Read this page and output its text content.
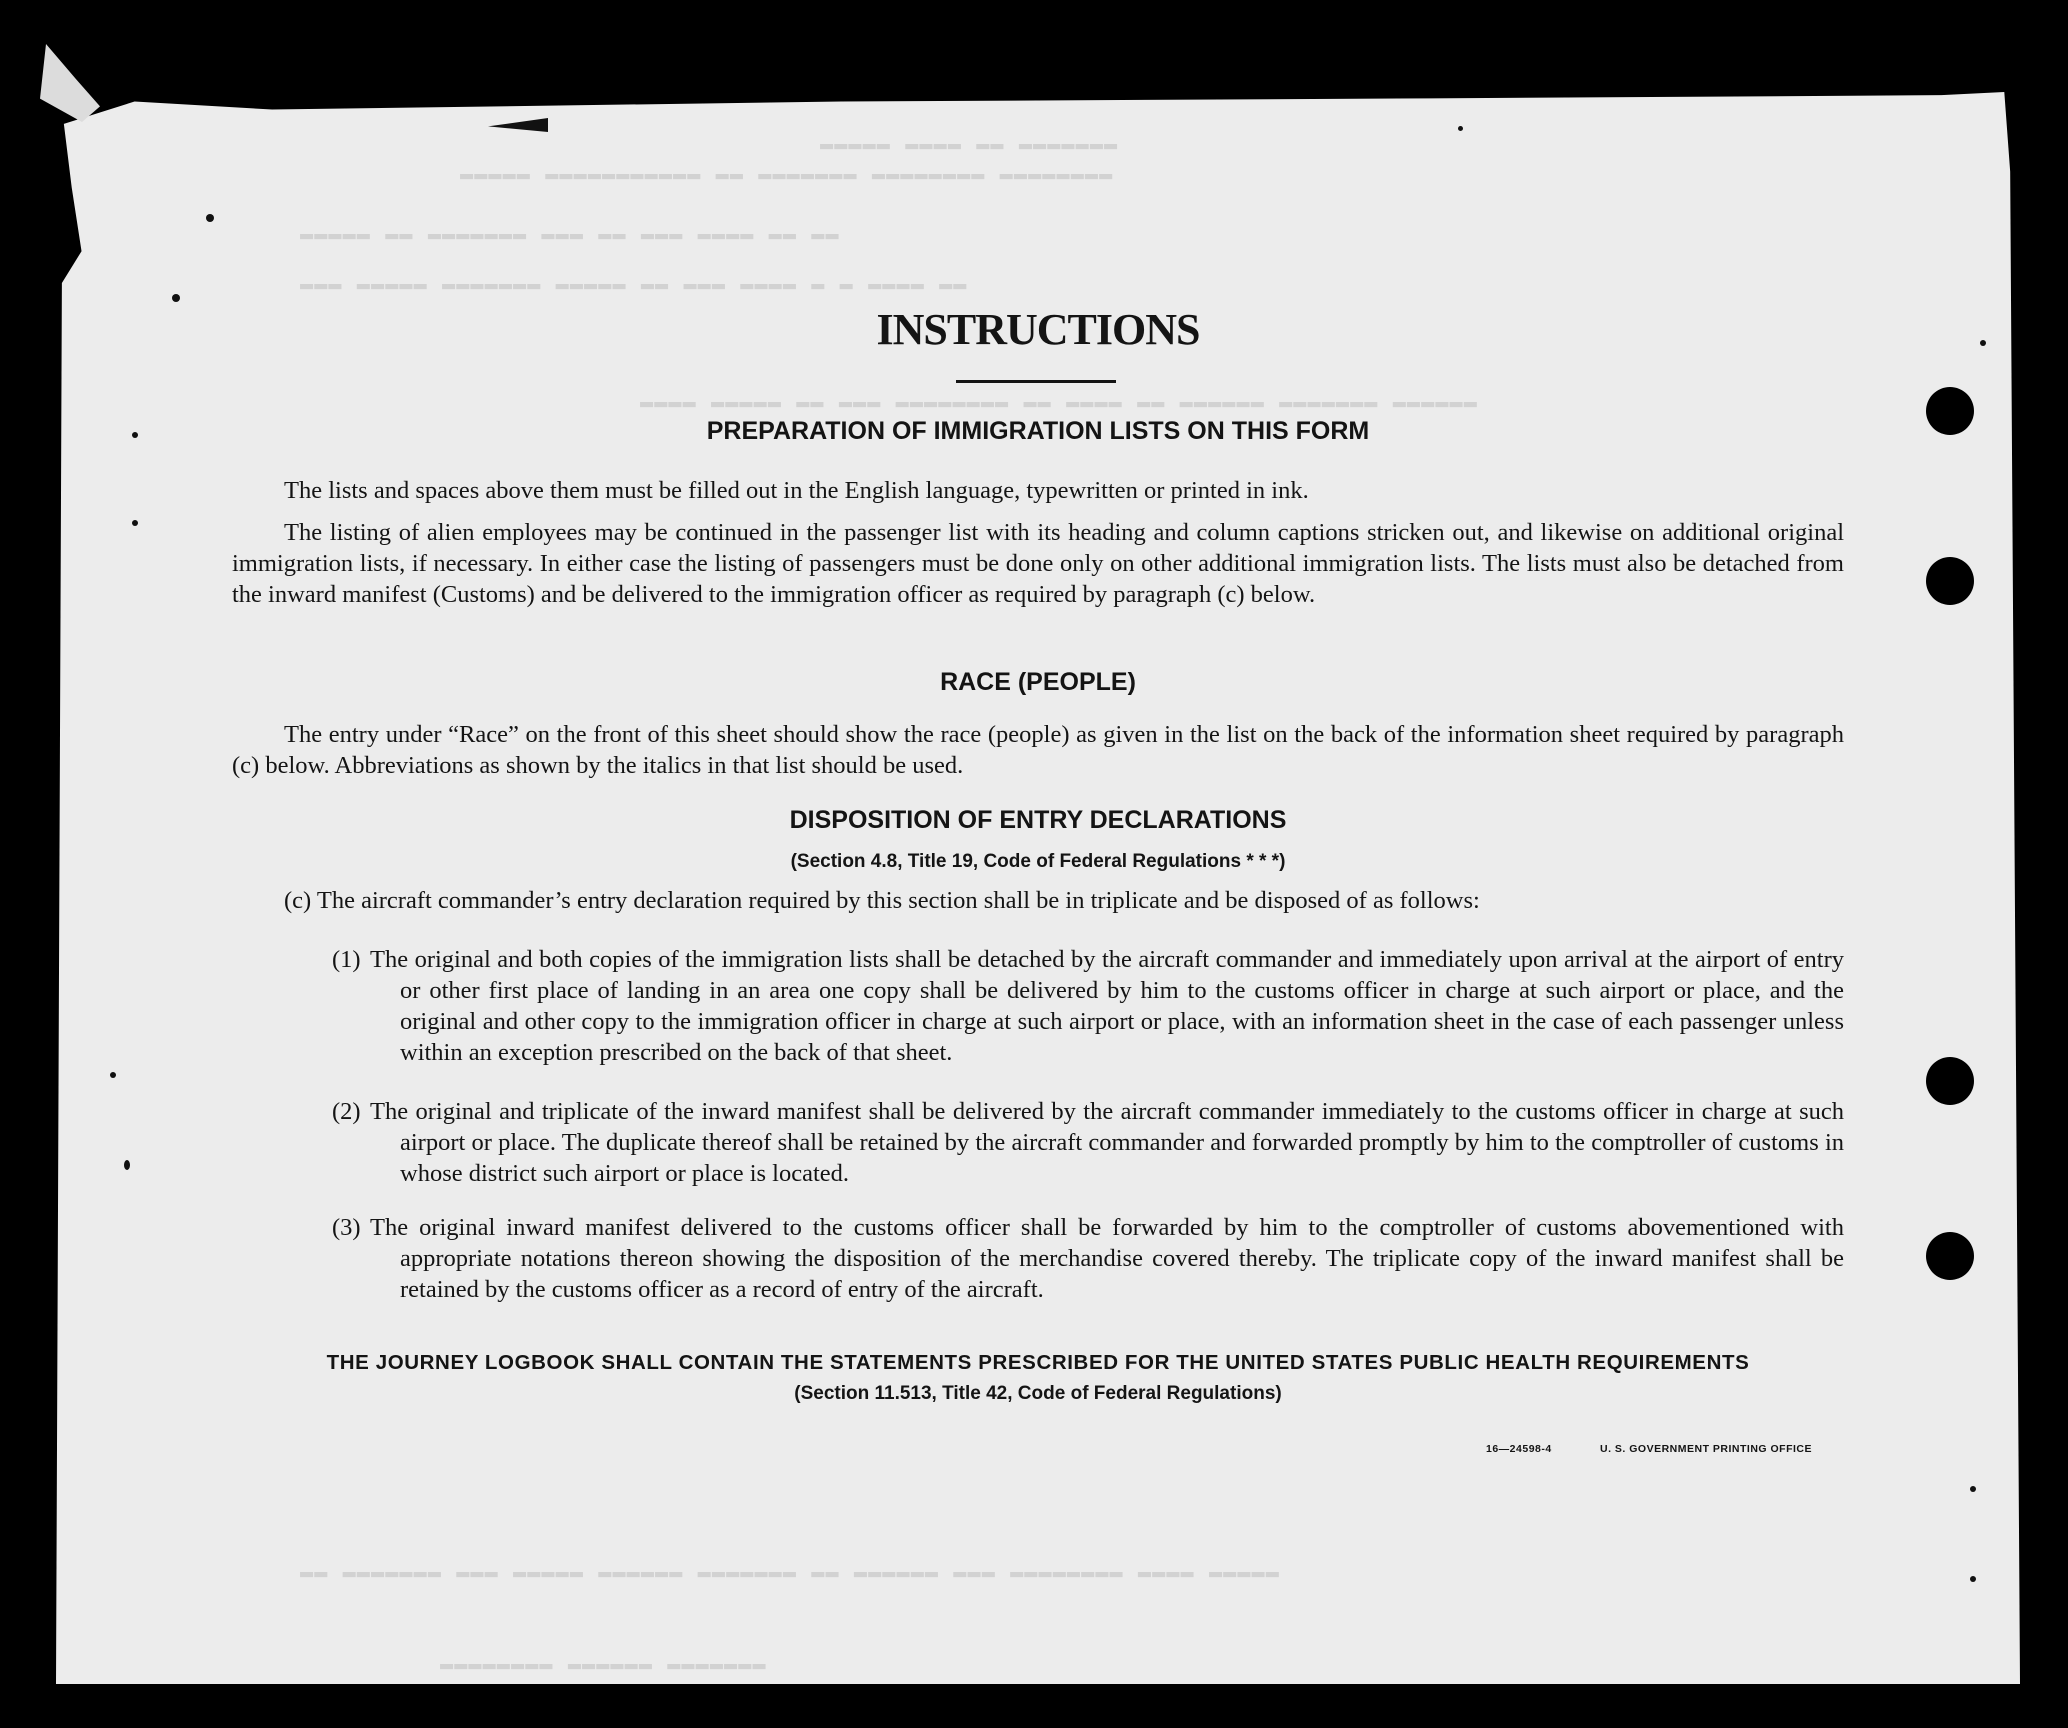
▬▬▬▬▬ ▬▬▬▬ ▬▬ ▬▬▬▬▬▬▬
▬▬▬▬▬ ▬▬▬▬▬▬▬▬▬▬▬ ▬▬ ▬▬▬▬▬▬▬ ▬▬▬▬▬▬▬▬ ▬▬▬▬▬▬▬▬
▬▬▬▬▬ ▬▬ ▬▬▬▬▬▬▬ ▬▬▬ ▬▬ ▬▬▬ ▬▬▬▬ ▬▬ ▬▬
▬▬▬ ▬▬▬▬▬ ▬▬▬▬▬▬▬ ▬▬▬▬▬ ▬▬ ▬▬▬ ▬▬▬▬ ▬ ▬ ▬▬▬▬ ▬▬
▬▬▬▬ ▬▬▬▬▬ ▬▬ ▬▬▬ ▬▬▬▬▬▬▬▬ ▬▬ ▬▬▬▬ ▬▬ ▬▬▬▬▬▬ ▬▬▬▬▬▬▬ ▬▬▬▬▬▬
▬▬ ▬▬▬▬▬▬▬ ▬▬▬ ▬▬▬▬▬ ▬▬▬▬▬▬ ▬▬▬▬▬▬▬ ▬▬ ▬▬▬▬▬▬ ▬▬▬ ▬▬▬▬▬▬▬▬ ▬▬▬▬ ▬▬▬▬▬
▬▬▬▬▬▬▬▬ ▬▬▬▬▬▬ ▬▬▬▬▬▬▬
INSTRUCTIONS
PREPARATION OF IMMIGRATION LISTS ON THIS FORM

The lists and spaces above them must be filled out in the English language, typewritten or printed in ink.

The listing of alien employees may be continued in the passenger list with its heading and column captions stricken out, and likewise on additional original immigration lists, if necessary. In either case the listing of passengers must be done only on other additional immigration lists. The lists must also be detached from the inward manifest (Customs) and be delivered to the immigration officer as required by paragraph (c) below.

RACE (PEOPLE)

The entry under “Race” on the front of this sheet should show the race (people) as given in the list on the back of the information sheet required by paragraph (c) below. Abbreviations as shown by the italics in that list should be used.

DISPOSITION OF ENTRY DECLARATIONS
(Section 4.8, Title 19, Code of Federal Regulations * * *)

(c) The aircraft commander’s entry declaration required by this section shall be in triplicate and be disposed of as follows:

(1) The original and both copies of the immigration lists shall be detached by the aircraft commander and immediately upon arrival at the airport of entry or other first place of landing in an area one copy shall be delivered by him to the customs officer in charge at such airport or place, and the original and other copy to the immigration officer in charge at such airport or place, with an information sheet in the case of each passenger unless within an exception prescribed on the back of that sheet.

(2) The original and triplicate of the inward manifest shall be delivered by the aircraft commander immediately to the customs officer in charge at such airport or place. The duplicate thereof shall be retained by the aircraft commander and forwarded promptly by him to the comptroller of customs in whose district such airport or place is located.

(3) The original inward manifest delivered to the customs officer shall be forwarded by him to the comptroller of customs abovementioned with appropriate notations thereon showing the disposition of the merchandise covered thereby. The triplicate copy of the inward manifest shall be retained by the customs officer as a record of entry of the aircraft.

THE JOURNEY LOGBOOK SHALL CONTAIN THE STATEMENTS PRESCRIBED FOR THE UNITED STATES PUBLIC HEALTH REQUIREMENTS
(Section 11.513, Title 42, Code of Federal Regulations)
16—24598-4	U. S. GOVERNMENT PRINTING OFFICE
